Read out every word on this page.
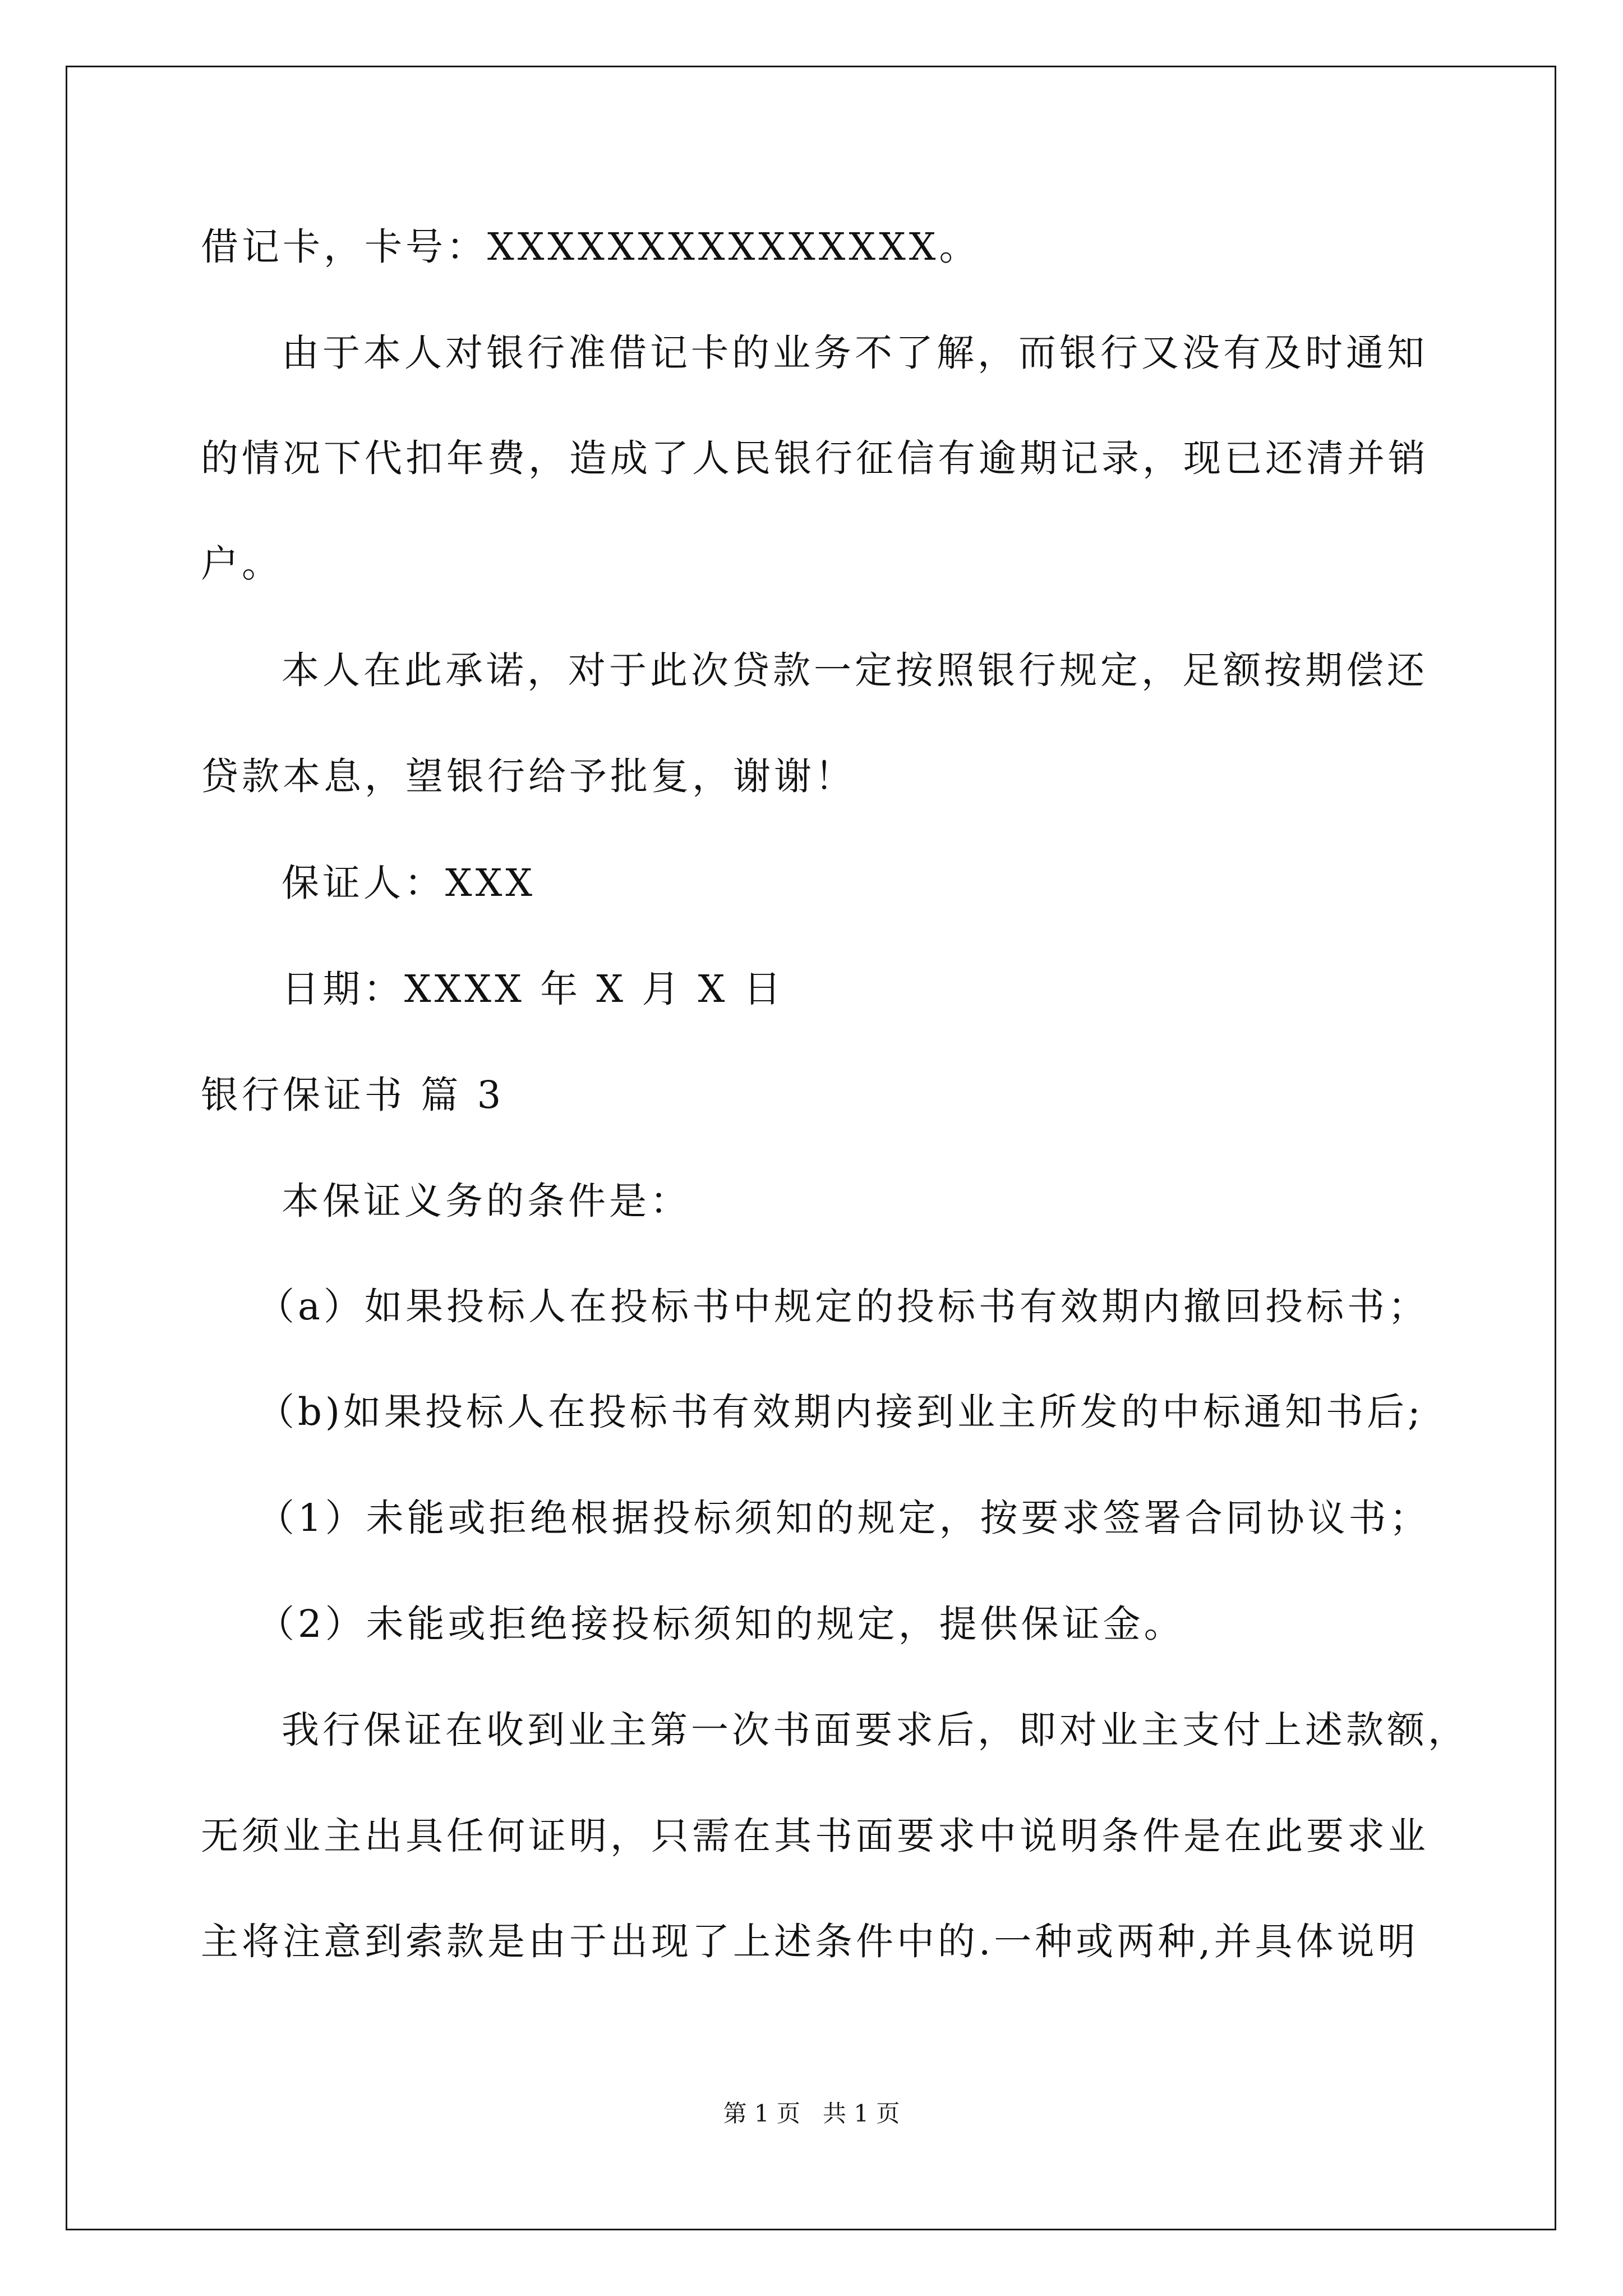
借记卡，卡号：XXXXXXXXXXXXXXX。
由于本人对银行准借记卡的业务不了解，而银行又没有及时通知
的情况下代扣年费，造成了人民银行征信有逾期记录，现已还清并销
户。
本人在此承诺，对于此次贷款一定按照银行规定，足额按期偿还
贷款本息，望银行给予批复，谢谢！
保证人：XXX
日期：XXXX 年 X 月 X 日
银行保证书 篇 3
本保证义务的条件是：
（a）如果投标人在投标书中规定的投标书有效期内撤回投标书；
（b)如果投标人在投标书有效期内接到业主所发的中标通知书后;
（1）未能或拒绝根据投标须知的规定，按要求签署合同协议书；
（2）未能或拒绝接投标须知的规定，提供保证金。
我行保证在收到业主第一次书面要求后，即对业主支付上述款额，
无须业主出具任何证明，只需在其书面要求中说明条件是在此要求业
主将注意到索款是由于出现了上述条件中的.一种或两种,并具体说明
第 1 页 共 1 页
